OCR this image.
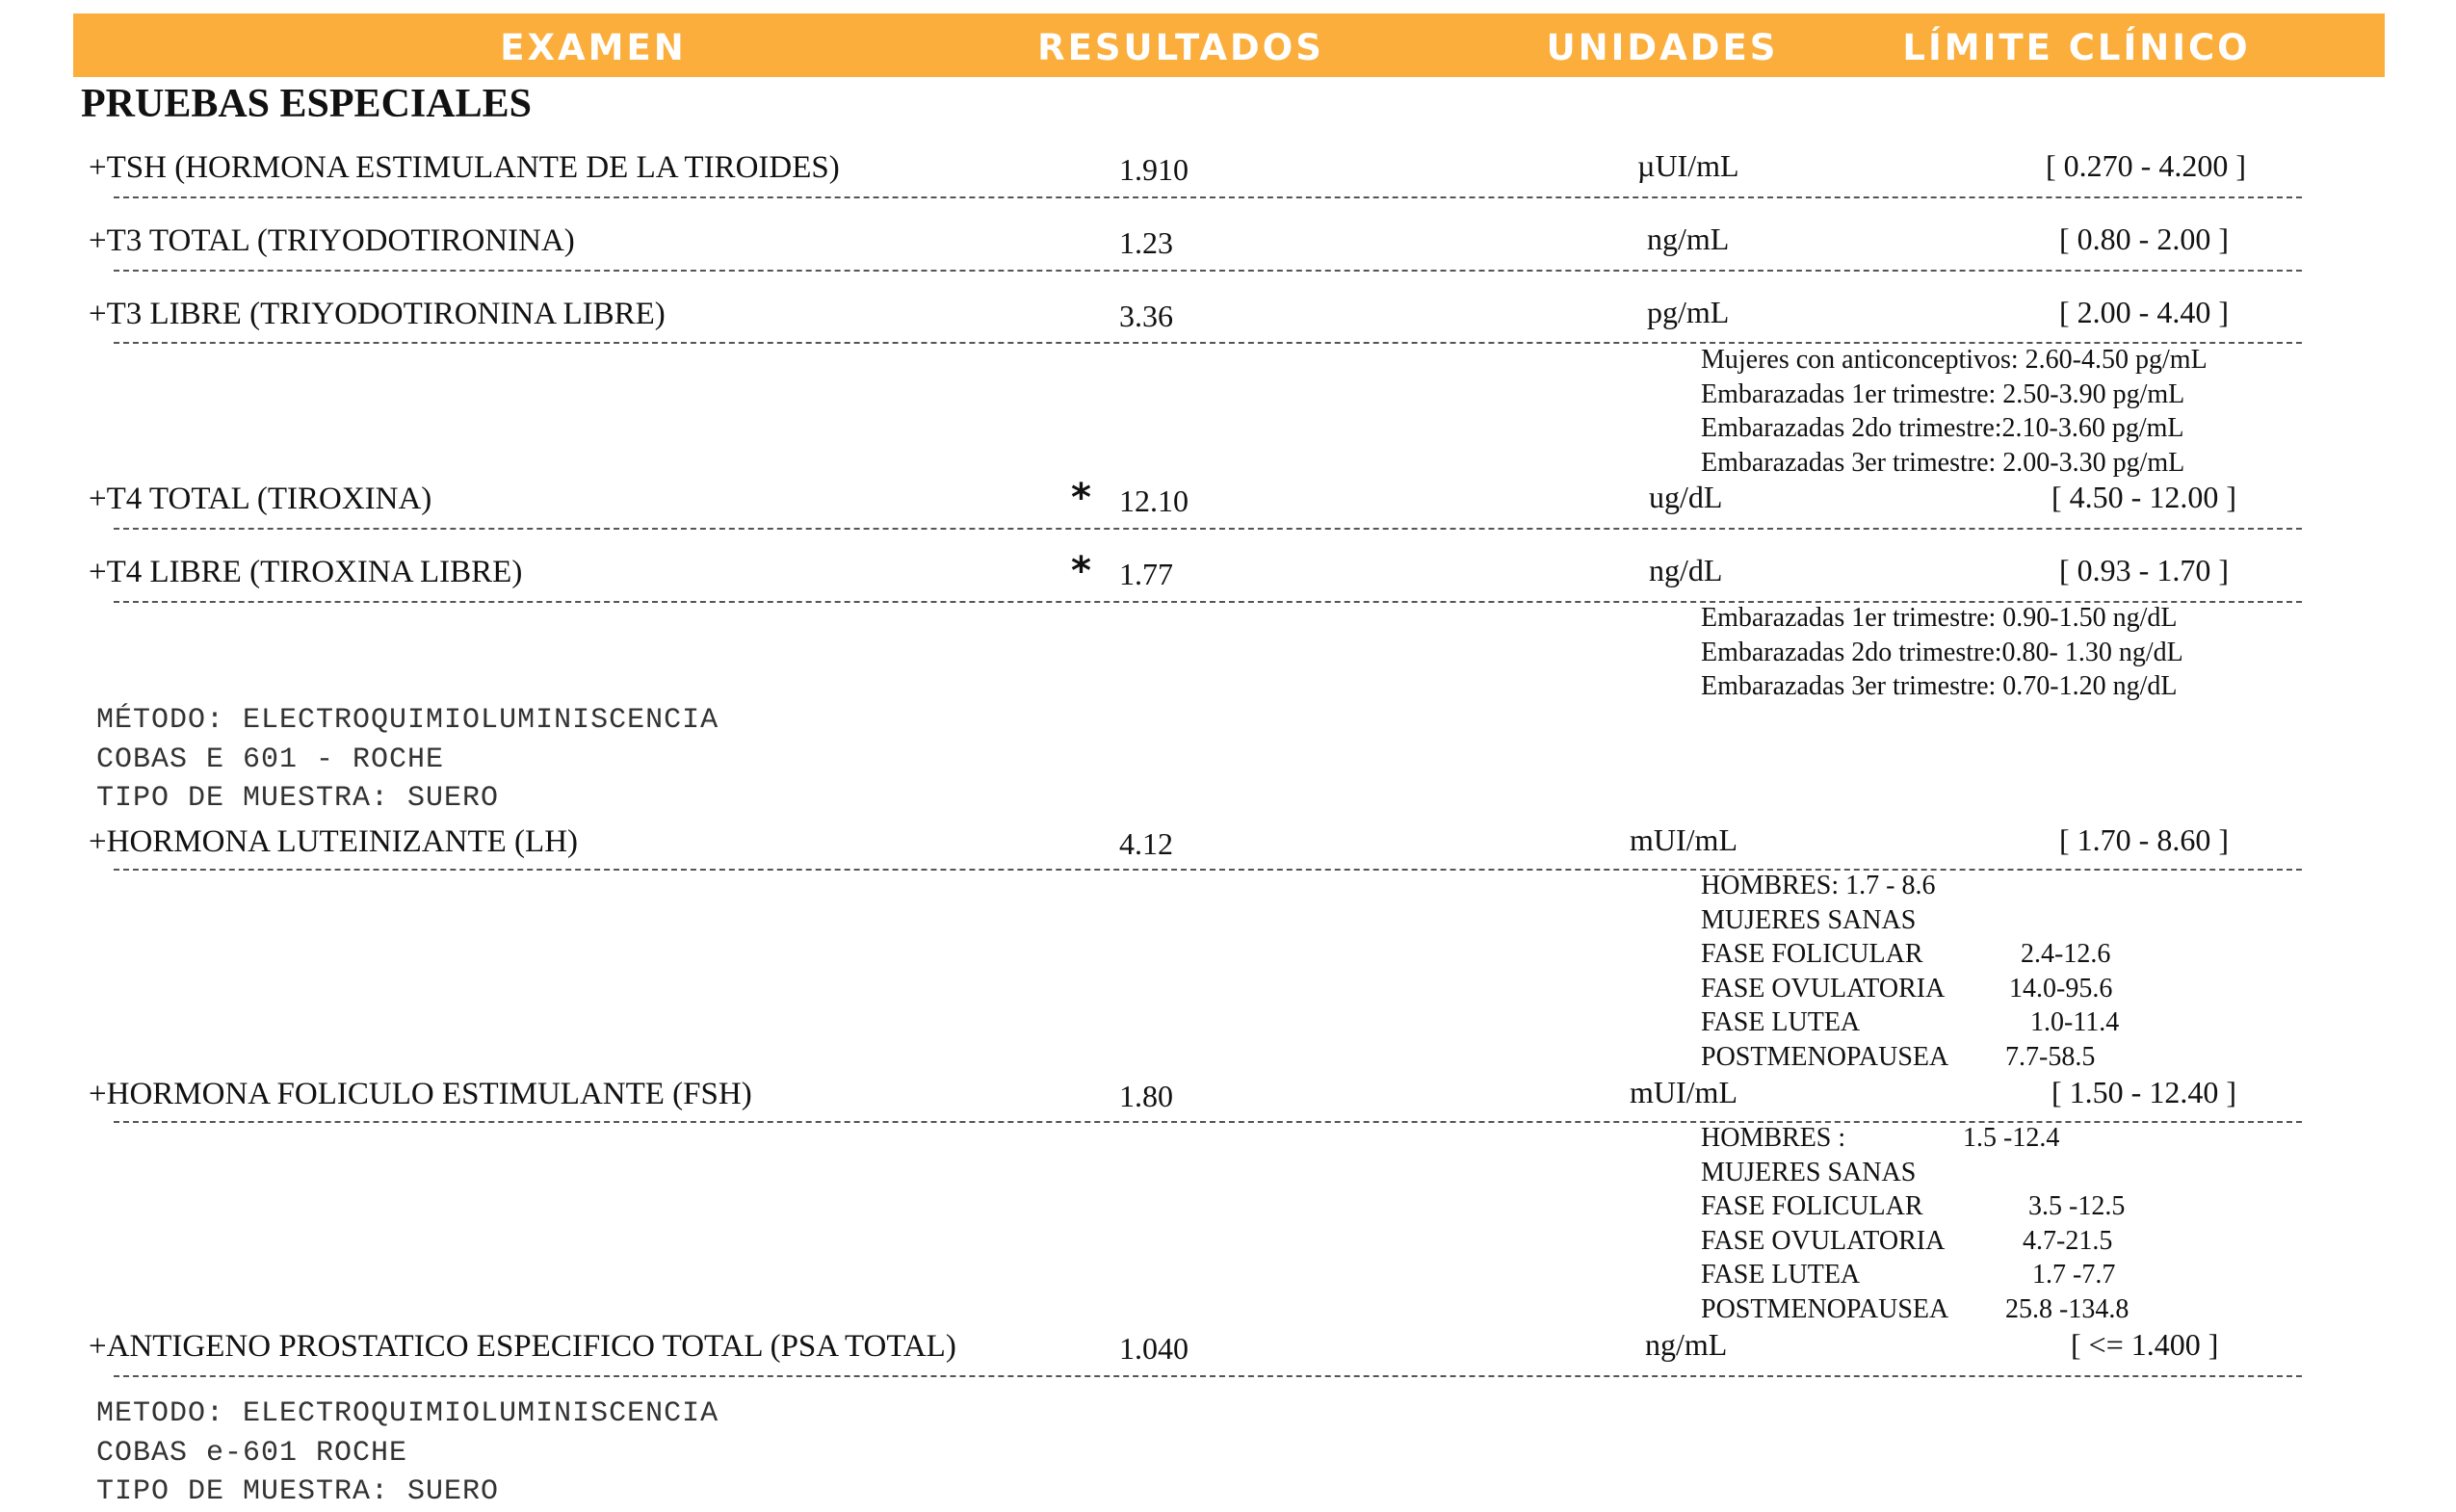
EXAMEN	RESULTADOS	UNIDADES	LÍMITE CLÍNICO
PRUEBAS ESPECIALES
+TSH (HORMONA ESTIMULANTE DE LA TIROIDES)	1.910	µUI/mL	[ 0.270 - 4.200 ]
+T3 TOTAL (TRIYODOTIRONINA)	1.23	ng/mL	[ 0.80 - 2.00 ]
+T3 LIBRE (TRIYODOTIRONINA LIBRE)	3.36	pg/mL	[ 2.00 - 4.40 ]
Mujeres con anticonceptivos: 2.60-4.50 pg/mL
Embarazadas 1er trimestre: 2.50-3.90 pg/mL
Embarazadas 2do trimestre:2.10-3.60 pg/mL
Embarazadas 3er trimestre: 2.00-3.30 pg/mL
+T4 TOTAL (TIROXINA)	* 12.10	ug/dL	[ 4.50 - 12.00 ]
+T4 LIBRE (TIROXINA LIBRE)	* 1.77	ng/dL	[ 0.93 - 1.70 ]
Embarazadas 1er trimestre: 0.90-1.50 ng/dL
Embarazadas 2do trimestre:0.80- 1.30 ng/dL
Embarazadas 3er trimestre: 0.70-1.20 ng/dL
MÉTODO: ELECTROQUIMIOLUMINISCENCIA
COBAS E 601 - ROCHE
TIPO DE MUESTRA: SUERO
+HORMONA LUTEINIZANTE (LH)	4.12	mUI/mL	[ 1.70 - 8.60 ]
HOMBRES: 1.7 - 8.6
MUJERES SANAS
FASE FOLICULAR	2.4-12.6
FASE OVULATORIA 14.0-95.6
FASE LUTEA	1.0-11.4
POSTMENOPAUSEA 7.7-58.5
+HORMONA FOLICULO ESTIMULANTE (FSH)	1.80	mUI/mL	[ 1.50 - 12.40 ]
HOMBRES :	1.5 -12.4
MUJERES SANAS
FASE FOLICULAR	3.5 -12.5
FASE OVULATORIA	4.7-21.5
FASE LUTEA	1.7 -7.7
POSTMENOPAUSEA 25.8 -134.8
+ANTIGENO PROSTATICO ESPECIFICO TOTAL (PSA TOTAL)	1.040	ng/mL	[ <= 1.400 ]
METODO: ELECTROQUIMIOLUMINISCENCIA
COBAS e-601 ROCHE
TIPO DE MUESTRA: SUERO
